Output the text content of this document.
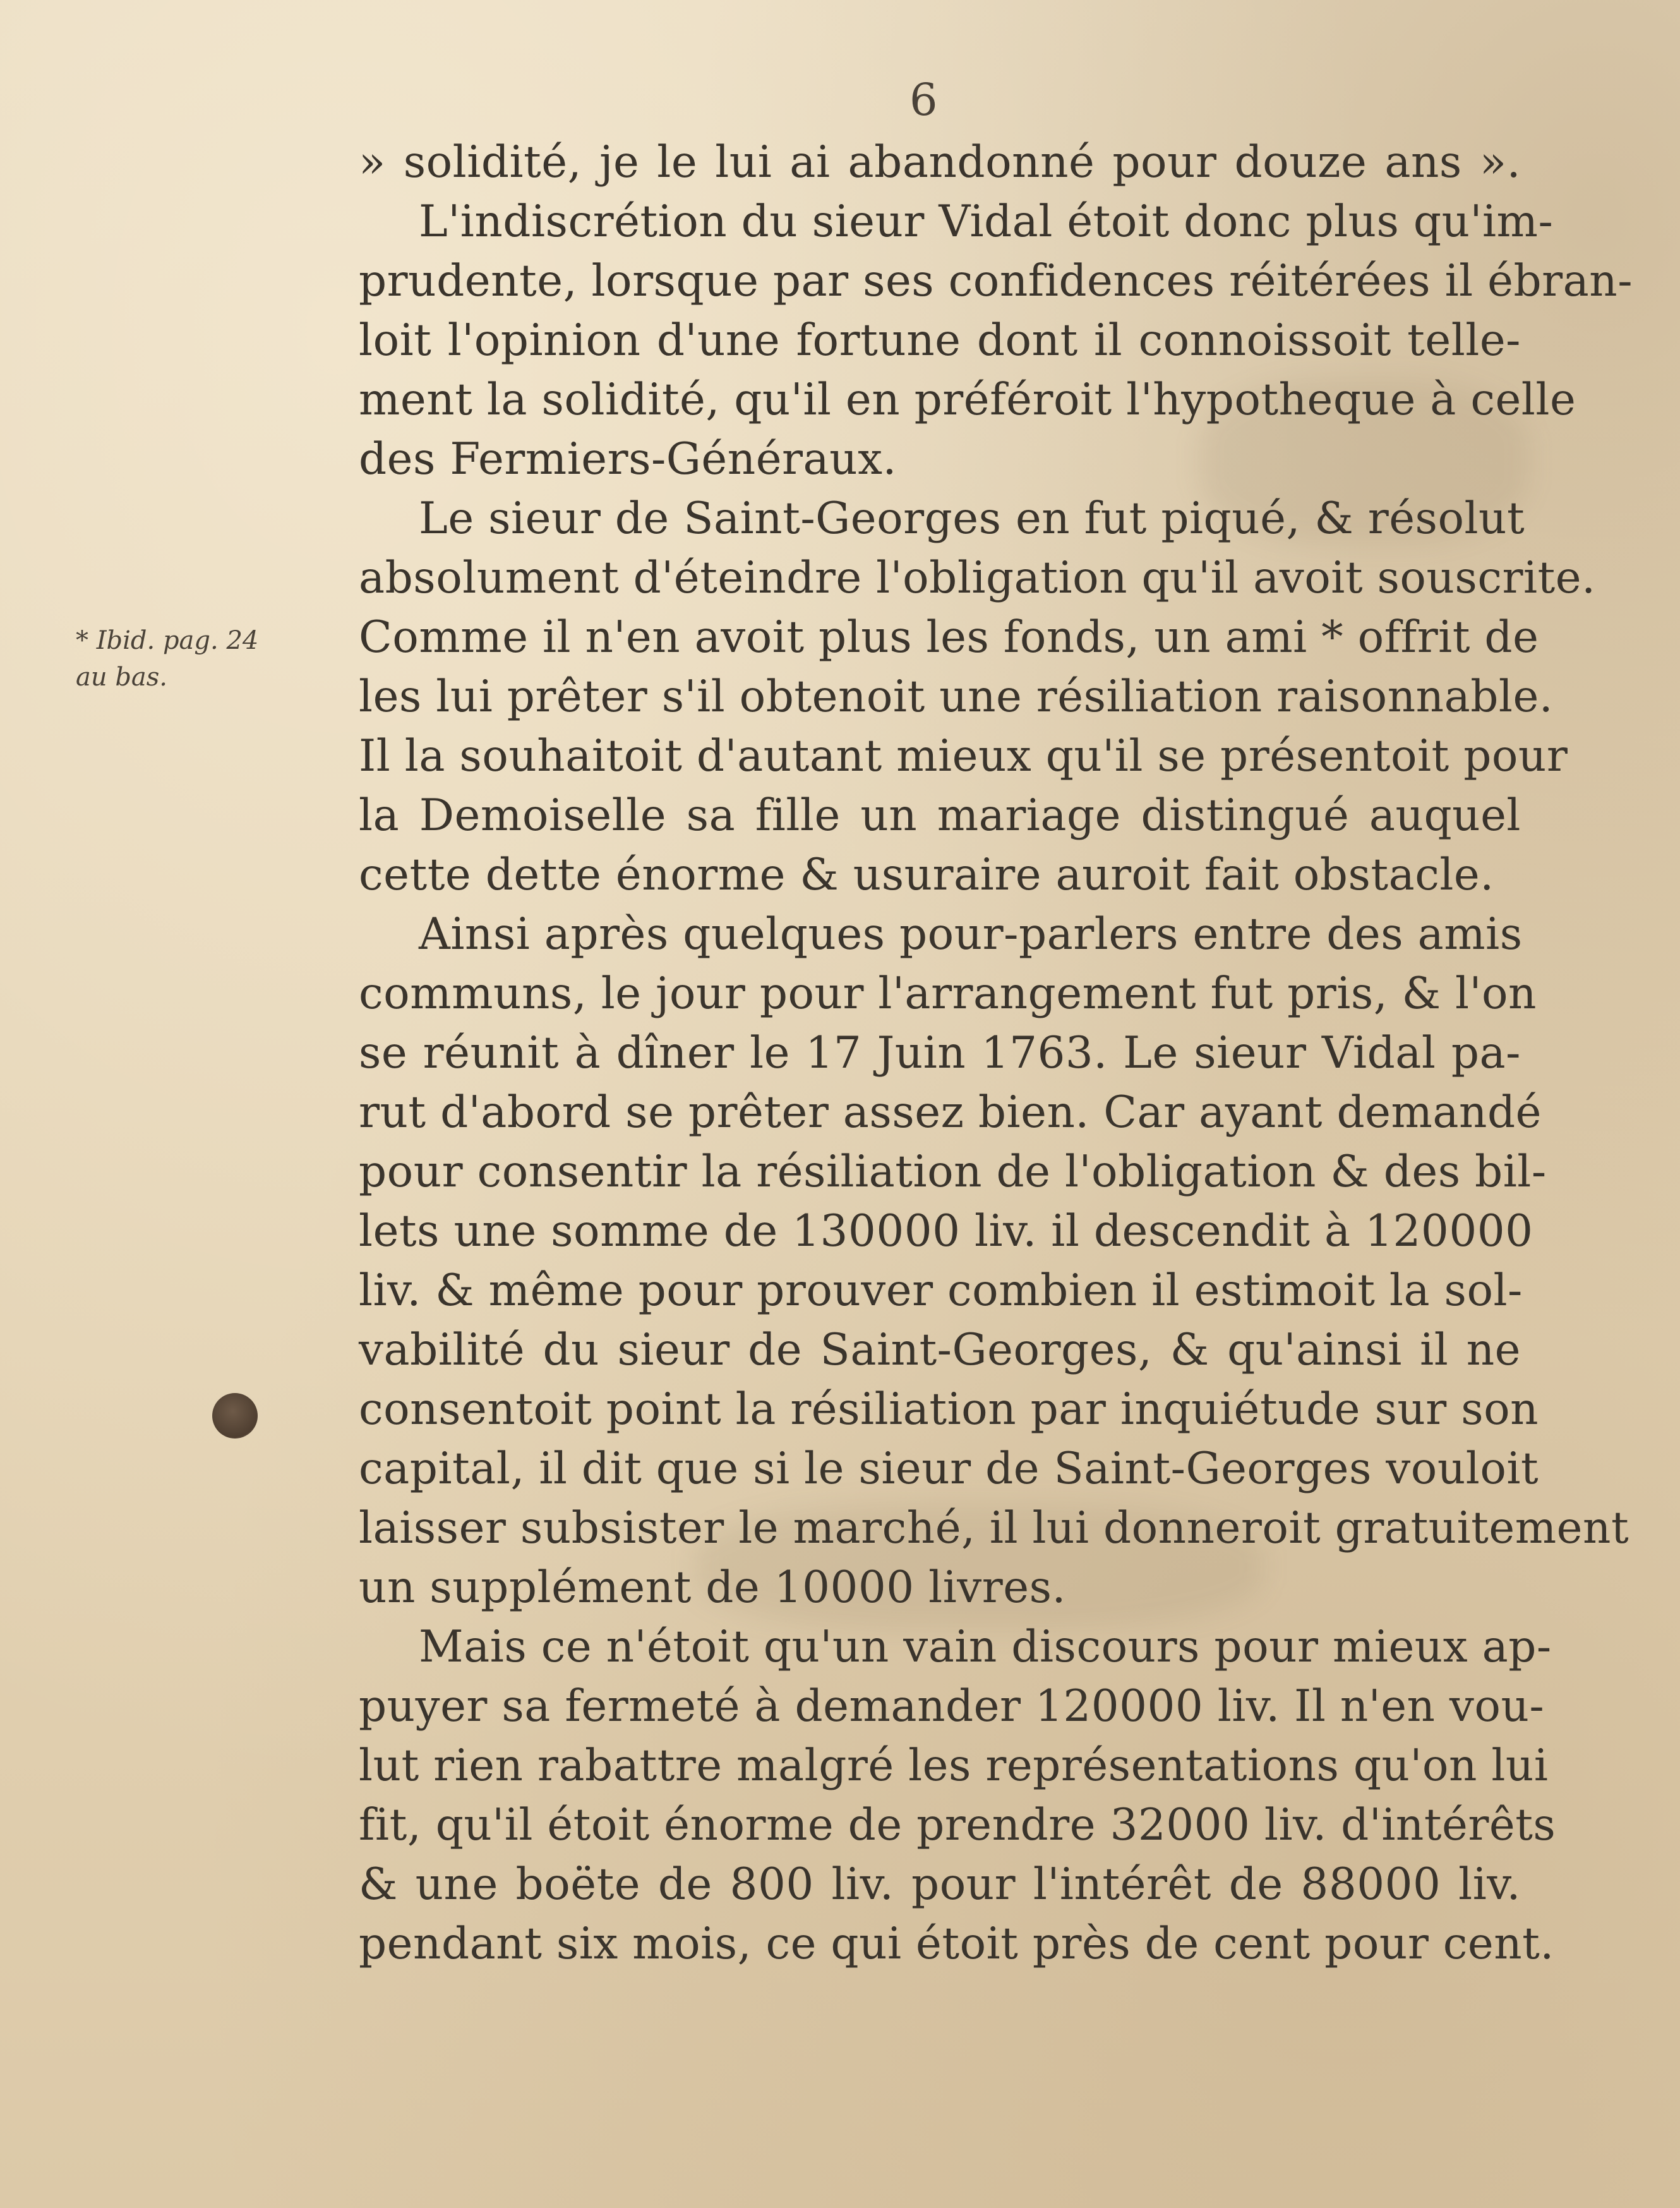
6
* Ibid. pag. 24
au bas.
» solidité, je le lui ai abandonné pour douze ans ».
L'indiscrétion du sieur Vidal étoit donc plus qu'im-
prudente, lorsque par ses confidences réitérées il ébran-
loit l'opinion d'une fortune dont il connoissoit telle-
ment la solidité, qu'il en préféroit l'hypotheque à celle
des Fermiers-Généraux.
Le sieur de Saint-Georges en fut piqué, & résolut
absolument d'éteindre l'obligation qu'il avoit souscrite.
Comme il n'en avoit plus les fonds, un ami * offrit de
les lui prêter s'il obtenoit une résiliation raisonnable.
Il la souhaitoit d'autant mieux qu'il se présentoit pour
la Demoiselle sa fille un mariage distingué auquel
cette dette énorme & usuraire auroit fait obstacle.
Ainsi après quelques pour-parlers entre des amis
communs, le jour pour l'arrangement fut pris, & l'on
se réunit à dîner le 17 Juin 1763. Le sieur Vidal pa-
rut d'abord se prêter assez bien. Car ayant demandé
pour consentir la résiliation de l'obligation & des bil-
lets une somme de 130000 liv. il descendit à 120000
liv. & même pour prouver combien il estimoit la sol-
vabilité du sieur de Saint-Georges, & qu'ainsi il ne
consentoit point la résiliation par inquiétude sur son
capital, il dit que si le sieur de Saint-Georges vouloit
laisser subsister le marché, il lui donneroit gratuitement
un supplément de 10000 livres.
Mais ce n'étoit qu'un vain discours pour mieux ap-
puyer sa fermeté à demander 120000 liv. Il n'en vou-
lut rien rabattre malgré les représentations qu'on lui
fit, qu'il étoit énorme de prendre 32000 liv. d'intérêts
& une boëte de 800 liv. pour l'intérêt de 88000 liv.
pendant six mois, ce qui étoit près de cent pour cent.
